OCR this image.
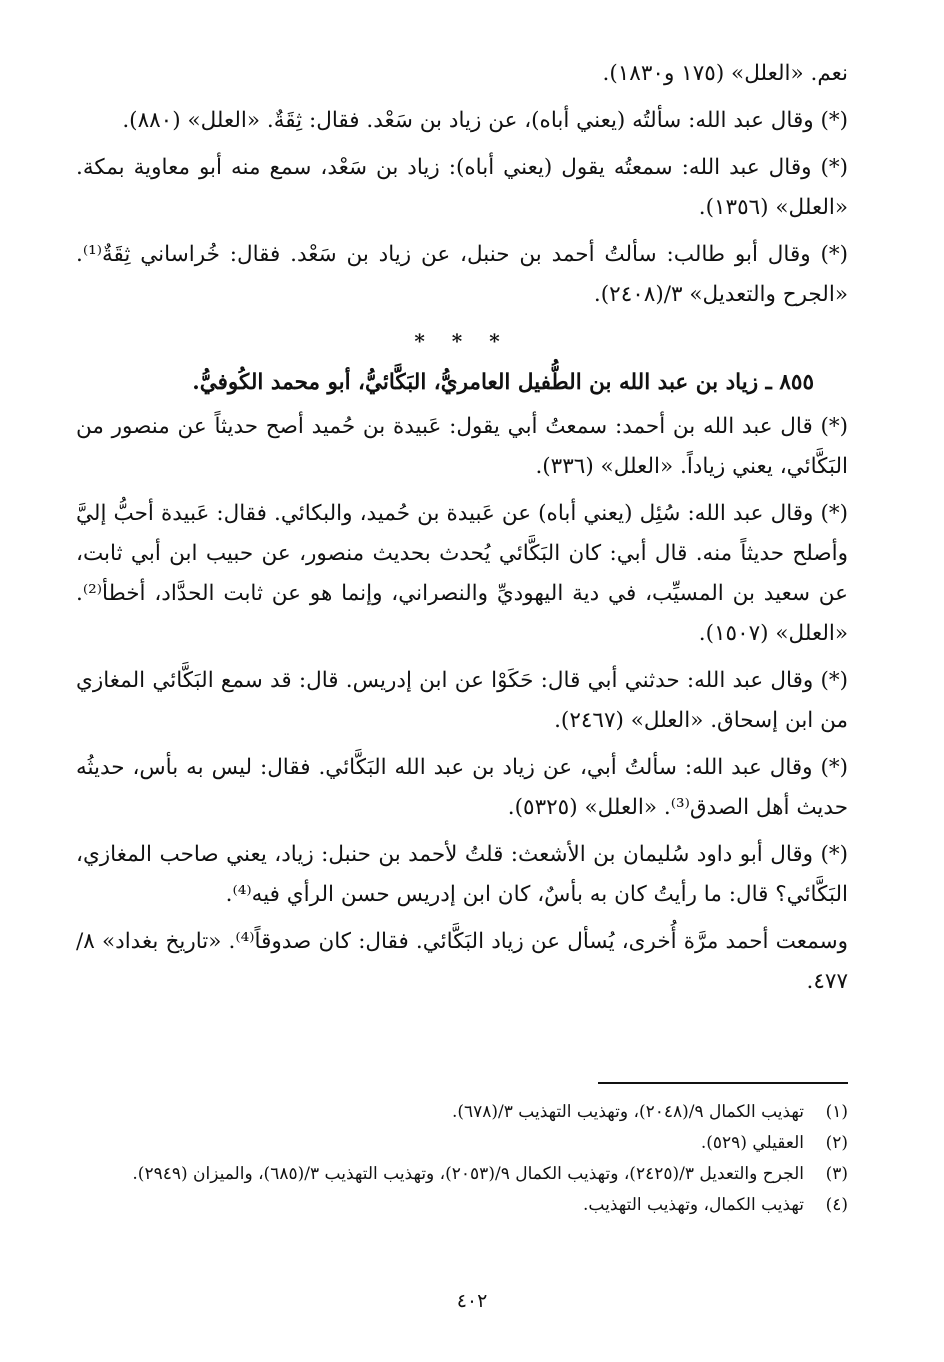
نعم. «العلل» (١٧٥ و١٨٣٠).

(*) وقال عبد الله: سألتُه (يعني أباه)، عن زياد بن سَعْد. فقال: ثِقَةٌ. «العلل» (٨٨٠).

(*) وقال عبد الله: سمعتُه يقول (يعني أباه): زياد بن سَعْد، سمع منه أبو معاوية بمكة. «العلل» (١٣٥٦).

(*) وقال أبو طالب: سألتُ أحمد بن حنبل، عن زياد بن سَعْد. فقال: خُراساني ثِقَةٌ⁽¹⁾. «الجرح والتعديل» ٣/(٢٤٠٨).

* * *

٨٥٥ ـ زياد بن عبد الله بن الطُّفيل العامريُّ، البَكَّائيُّ، أبو محمد الكُوفيُّ.

(*) قال عبد الله بن أحمد: سمعتُ أبي يقول: عَبيدة بن حُميد أصح حديثاً عن منصور من البَكَّائي، يعني زياداً. «العلل» (٣٣٦).

(*) وقال عبد الله: سُئِل (يعني أباه) عن عَبيدة بن حُميد، والبكائي. فقال: عَبيدة أحبُّ إليَّ وأصلح حديثاً منه. قال أبي: كان البَكَّائي يُحدث بحديث منصور، عن حبيب ابن أبي ثابت، عن سعيد بن المسيِّب، في دية اليهوديِّ والنصراني، وإنما هو عن ثابت الحدَّاد، أخطأ⁽²⁾. «العلل» (١٥٠٧).

(*) وقال عبد الله: حدثني أبي قال: حَكَوْا عن ابن إدريس. قال: قد سمع البَكَّائي المغازي من ابن إسحاق. «العلل» (٢٤٦٧).

(*) وقال عبد الله: سألتُ أبي، عن زياد بن عبد الله البَكَّائي. فقال: ليس به بأس، حديثُه حديث أهل الصدق⁽³⁾. «العلل» (٥٣٢٥).

(*) وقال أبو داود سُليمان بن الأشعث: قلتُ لأحمد بن حنبل: زياد، يعني صاحب المغازي، البَكَّائي؟ قال: ما رأيتُ كان به بأسٌ، كان ابن إدريس حسن الرأي فيه⁽⁴⁾.

وسمعت أحمد مرَّة أُخرى، يُسأل عن زياد البَكَّائي. فقال: كان صدوقاً⁽⁴⁾. «تاريخ بغداد» ٨/ ٤٧٧.

(١)
تهذيب الكمال ٩/(٢٠٤٨)، وتهذيب التهذيب ٣/(٦٧٨).
(٢)
العقيلي (٥٢٩).
(٣)
الجرح والتعديل ٣/(٢٤٢٥)، وتهذيب الكمال ٩/(٢٠٥٣)، وتهذيب التهذيب ٣/(٦٨٥)، والميزان (٢٩٤٩).
(٤)
تهذيب الكمال، وتهذيب التهذيب.
٤٠٢
